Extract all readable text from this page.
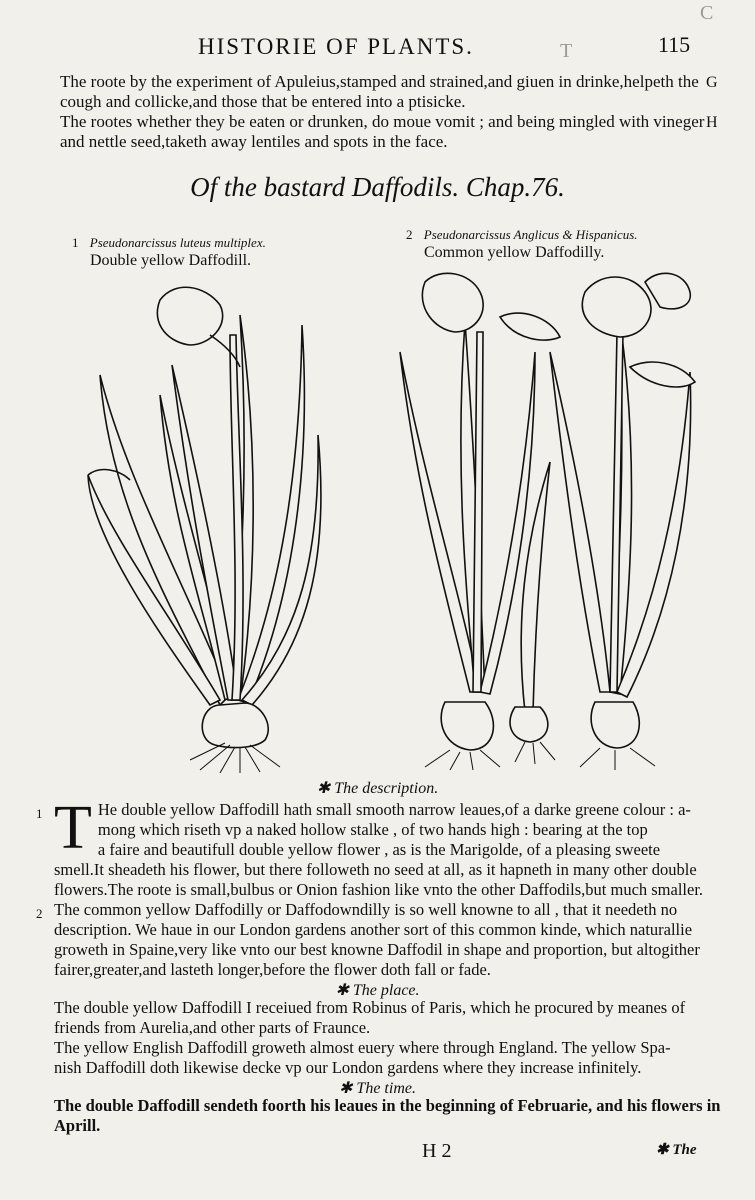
HISTORIE OF PLANTS.	115
The roote by the experiment of Apuleius,stamped and strained,and giuen in drinke,helpeth the
cough and collicke,and those that be entered into a ptisicke.
The rootes whether they be eaten or drunken, do moue vomit ; and being mingled with vineger
and nettle seed,taketh away lentiles and spots in the face.
G
H
T
C
Of the bastard Daffodils. Chap.76.
1 Pseudonarcissus luteus multiplex.
Double yellow Daffodill.
2 Pseudonarcissus Anglicus & Hispanicus.
Common yellow Daffodilly.
✱ The description.
1
2
T He double yellow Daffodill hath small smooth narrow leaues,of a darke greene colour : a-
mong which riseth vp a naked hollow stalke , of two hands high : bearing at the top
a faire and beautifull double yellow flower , as is the Marigolde, of a pleasing sweete
smell.It sheadeth his flower, but there followeth no seed at all, as it hapneth in many other double
flowers.The roote is small,bulbus or Onion fashion like vnto the other Daffodils,but much smaller.
The common yellow Daffodilly or Daffodowndilly is so well knowne to all , that it needeth no
description. We haue in our London gardens another sort of this common kinde, which naturallie
groweth in Spaine,very like vnto our best knowne Daffodil in shape and proportion, but altogither
fairer,greater,and lasteth longer,before the flower doth fall or fade.
✱ The place.
The double yellow Daffodill I receiued from Robinus of Paris, which he procured by meanes of
friends from Aurelia,and other parts of Fraunce.
The yellow English Daffodill groweth almost euery where through England. The yellow Spa-
nish Daffodill doth likewise decke vp our London gardens where they increase infinitely.
✱ The time.
The double Daffodill sendeth foorth his leaues in the beginning of Februarie, and his flowers in
Aprill.
H 2	✱ The
